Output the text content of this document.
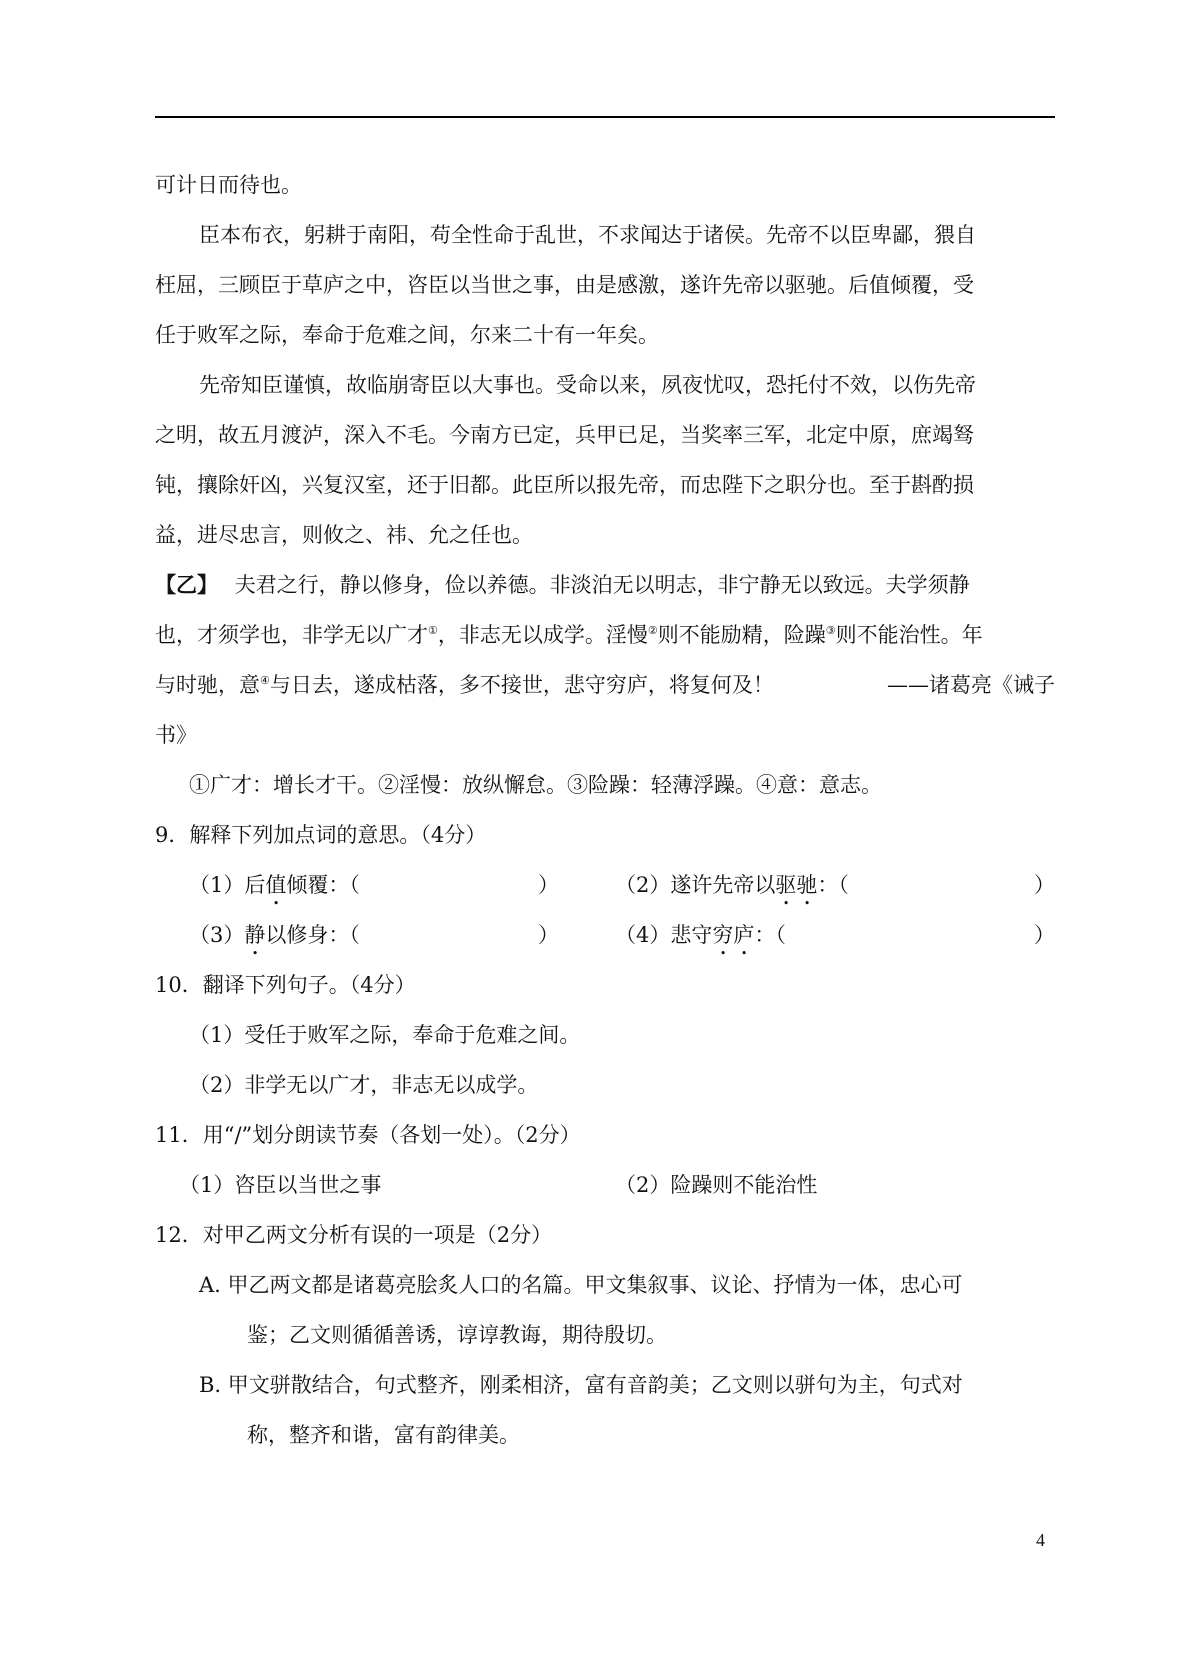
可计日而待也。
臣本布衣，躬耕于南阳，苟全性命于乱世，不求闻达于诸侯。先帝不以臣卑鄙，猥自
枉屈，三顾臣于草庐之中，咨臣以当世之事，由是感激，遂许先帝以驱驰。后值倾覆，受
任于败军之际，奉命于危难之间，尔来二十有一年矣。
先帝知臣谨慎，故临崩寄臣以大事也。受命以来，夙夜忧叹，恐托付不效，以伤先帝
之明，故五月渡泸，深入不毛。今南方已定，兵甲已足，当奖率三军，北定中原，庶竭驽
钝，攘除奸凶，兴复汉室，还于旧都。此臣所以报先帝，而忠陛下之职分也。至于斟酌损
益，进尽忠言，则攸之、祎、允之任也。
【乙】 夫君之行，静以修身，俭以养德。非淡泊无以明志，非宁静无以致远。夫学须静
也，才须学也，非学无以广才①，非志无以成学。淫慢②则不能励精，险躁③则不能治性。年
与时驰，意④与日去，遂成枯落，多不接世，悲守穷庐，将复何及！	——诸葛亮《诫子
书》
①广才：增长才干。②淫慢：放纵懈怠。③险躁：轻薄浮躁。④意：意志。
9．解释下列加点词的意思。（4分）
（1）后 值 倾覆：（	）	（2）遂许先帝以 驱驰 ：（	）
（3） 静 以修身：（	）	（4）悲守 穷庐 ：（	）
10．翻译下列句子。（4分）
（1）受任于败军之际，奉命于危难之间。
（2）非学无以广才，非志无以成学。
11．用“/”划分朗读节奏（各划一处）。（2分）
（1）咨臣以当世之事	（2）险躁则不能治性
12．对甲乙两文分析有误的一项是（2分）
A. 甲乙两文都是诸葛亮脍炙人口的名篇。甲文集叙事、议论、抒情为一体，忠心可
鉴；乙文则循循善诱，谆谆教诲，期待殷切。
B. 甲文骈散结合，句式整齐，刚柔相济，富有音韵美；乙文则以骈句为主，句式对
称，整齐和谐，富有韵律美。
4
